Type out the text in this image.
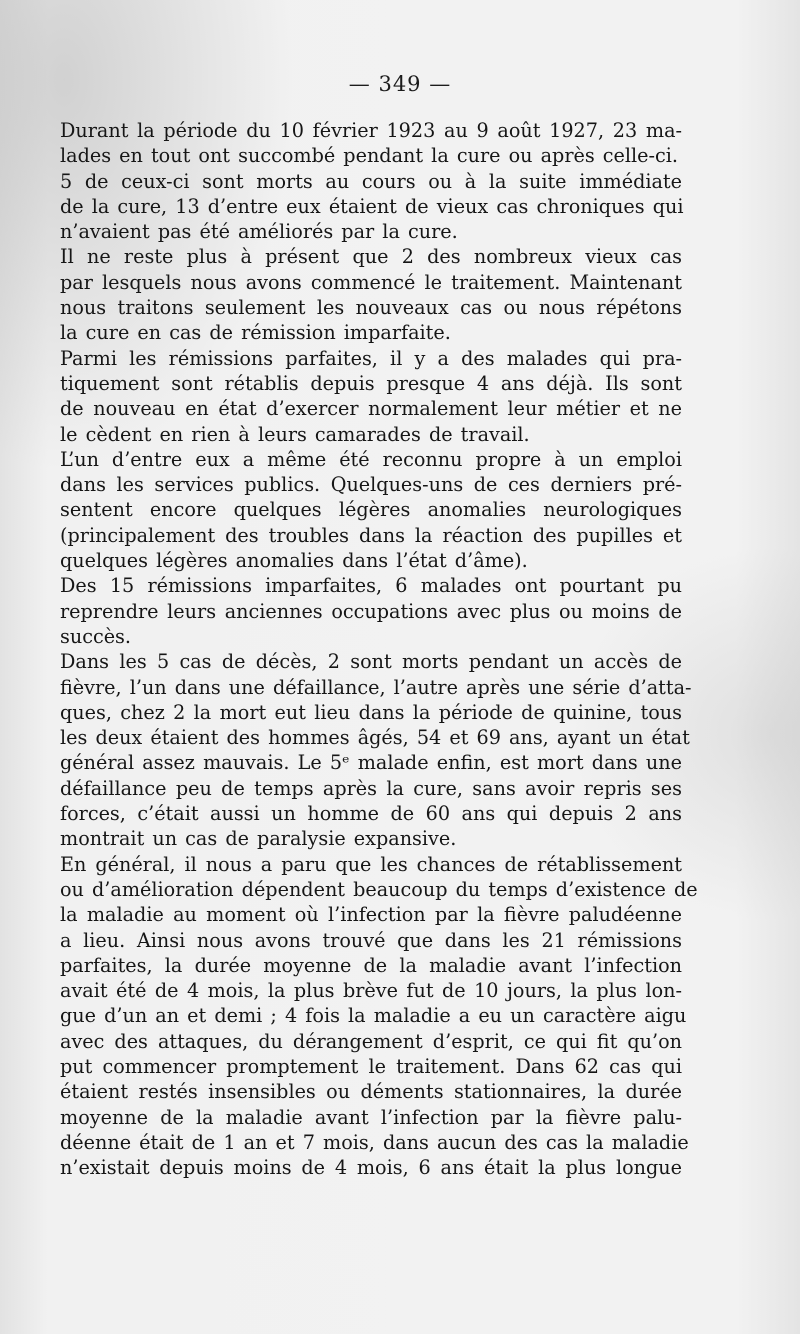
— 349 —
Durant la période du 10 février 1923 au 9 août 1927, 23 ma-
lades en tout ont succombé pendant la cure ou après celle-ci.
5 de ceux-ci sont morts au cours ou à la suite immédiate
de la cure, 13 d’entre eux étaient de vieux cas chroniques qui
n’avaient pas été améliorés par la cure.
Il ne reste plus à présent que 2 des nombreux vieux cas
par lesquels nous avons commencé le traitement. Maintenant
nous traitons seulement les nouveaux cas ou nous répétons
la cure en cas de rémission imparfaite.
Parmi les rémissions parfaites, il y a des malades qui pra-
tiquement sont rétablis depuis presque 4 ans déjà. Ils sont
de nouveau en état d’exercer normalement leur métier et ne
le cèdent en rien à leurs camarades de travail.
L’un d’entre eux a même été reconnu propre à un emploi
dans les services publics. Quelques-uns de ces derniers pré-
sentent encore quelques légères anomalies neurologiques
(principalement des troubles dans la réaction des pupilles et
quelques légères anomalies dans l’état d’âme).
Des 15 rémissions imparfaites, 6 malades ont pourtant pu
reprendre leurs anciennes occupations avec plus ou moins de
succès.
Dans les 5 cas de décès, 2 sont morts pendant un accès de
fièvre, l’un dans une défaillance, l’autre après une série d’atta-
ques, chez 2 la mort eut lieu dans la période de quinine, tous
les deux étaient des hommes âgés, 54 et 69 ans, ayant un état
général assez mauvais. Le 5ᵉ malade enfin, est mort dans une
défaillance peu de temps après la cure, sans avoir repris ses
forces, c’était aussi un homme de 60 ans qui depuis 2 ans
montrait un cas de paralysie expansive.
En général, il nous a paru que les chances de rétablissement
ou d’amélioration dépendent beaucoup du temps d’existence de
la maladie au moment où l’infection par la fièvre paludéenne
a lieu. Ainsi nous avons trouvé que dans les 21 rémissions
parfaites, la durée moyenne de la maladie avant l’infection
avait été de 4 mois, la plus brève fut de 10 jours, la plus lon-
gue d’un an et demi ; 4 fois la maladie a eu un caractère aigu
avec des attaques, du dérangement d’esprit, ce qui fit qu’on
put commencer promptement le traitement. Dans 62 cas qui
étaient restés insensibles ou déments stationnaires, la durée
moyenne de la maladie avant l’infection par la fièvre palu-
déenne était de 1 an et 7 mois, dans aucun des cas la maladie
n’existait depuis moins de 4 mois, 6 ans était la plus longue
